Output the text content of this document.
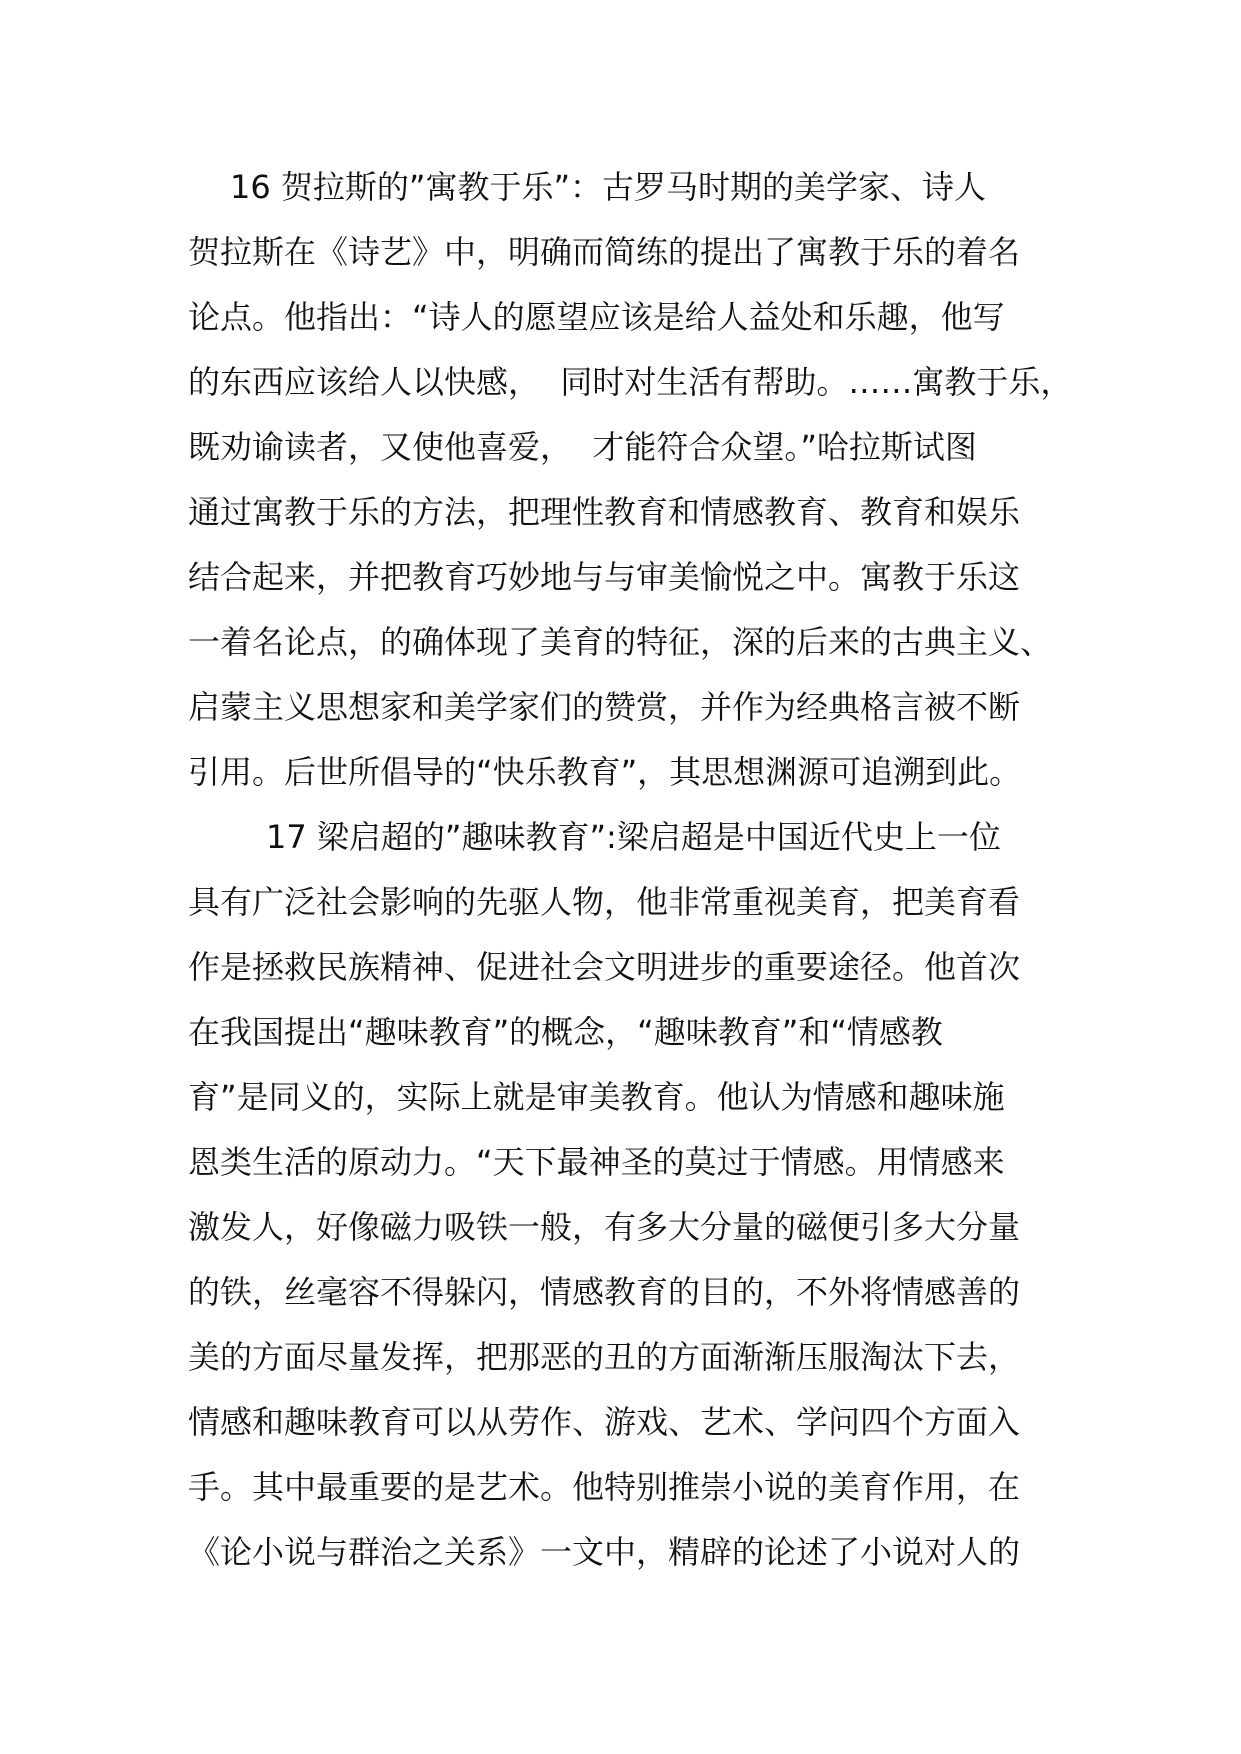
16 贺拉斯的”寓教于乐”：古罗马时期的美学家、诗人
贺拉斯在《诗艺》中，明确而简练的提出了寓教于乐的着名
论点。他指出：“诗人的愿望应该是给人益处和乐趣，他写
的东西应该给人以快感，  同时对生活有帮助。……寓教于乐，
既劝谕读者，又使他喜爱，  才能符合众望。”哈拉斯试图
通过寓教于乐的方法，把理性教育和情感教育、教育和娱乐
结合起来，并把教育巧妙地与与审美愉悦之中。寓教于乐这
一着名论点，的确体现了美育的特征，深的后来的古典主义、
启蒙主义思想家和美学家们的赞赏，并作为经典格言被不断
引用。后世所倡导的“快乐教育”，其思想渊源可追溯到此。
17 梁启超的”趣味教育”:梁启超是中国近代史上一位
具有广泛社会影响的先驱人物，他非常重视美育，把美育看
作是拯救民族精神、促进社会文明进步的重要途径。他首次
在我国提出“趣味教育”的概念，“趣味教育”和“情感教
育”是同义的，实际上就是审美教育。他认为情感和趣味施
恩类生活的原动力。“天下最神圣的莫过于情感。用情感来
激发人，好像磁力吸铁一般，有多大分量的磁便引多大分量
的铁，丝毫容不得躲闪，情感教育的目的，不外将情感善的
美的方面尽量发挥，把那恶的丑的方面渐渐压服淘汰下去，
情感和趣味教育可以从劳作、游戏、艺术、学问四个方面入
手。其中最重要的是艺术。他特别推崇小说的美育作用，在
《论小说与群治之关系》一文中，精辟的论述了小说对人的
